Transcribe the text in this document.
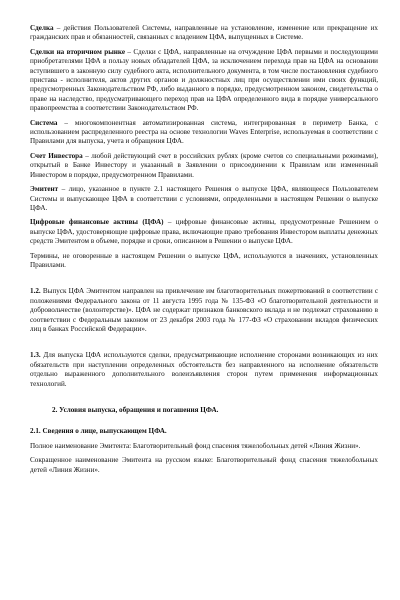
Сделка – действия Пользователей Системы, направленные на установление, изменение или прекращение их гражданских прав и обязанностей, связанных с владением ЦФА, выпущенных в Системе.

Сделки на вторичном рынке – Сделки с ЦФА, направленные на отчуждение ЦФА первыми и последующими приобретателями ЦФА в пользу новых обладателей ЦФА, за исключением перехода прав на ЦФА на основании вступившего в законную силу судебного акта, исполнительного документа, в том числе постановления судебного пристава - исполнителя, актов других органов и должностных лиц при осуществлении ими своих функций, предусмотренных Законодательством РФ, либо выданного в порядке, предусмотренном законом, свидетельства о праве на наследство, предусматривающего переход прав на ЦФА определенного вида в порядке универсального правопреемства в соответствии Законодательством РФ.

Система – многокомпонентная автоматизированная система, интегрированная в периметр Банка, с использованием распределенного реестра на основе технологии Waves Enterprise, используемая в соответствии с Правилами для выпуска, учета и обращения ЦФА.

Счет Инвестора – любой действующий счет в российских рублях (кроме счетов со специальными режимами), открытый в Банке Инвестору и указанный в Заявлении о присоединении к Правилам или измененный Инвестором в порядке, предусмотренном Правилами.

Эмитент – лицо, указанное в пункте 2.1 настоящего Решения о выпуске ЦФА, являющееся Пользователем Системы и выпускающее ЦФА в соответствии с условиями, определенными в настоящем Решении о выпуске ЦФА.

Цифровые финансовые активы (ЦФА) – цифровые финансовые активы, предусмотренные Решением о выпуске ЦФА, удостоверяющие цифровые права, включающие право требования Инвестором выплаты денежных средств Эмитентом в объеме, порядке и сроки, описанном в Решении о выпуске ЦФА.

Термины, не оговоренные в настоящем Решении о выпуске ЦФА, используются в значениях, установленных Правилами.

1.2. Выпуск ЦФА Эмитентом направлен на привлечение им благотворительных пожертвований в соответствии с положениями Федерального закона от 11 августа 1995 года № 135-ФЗ «О благотворительной деятельности и добровольчестве (волонтерстве)». ЦФА не содержат признаков банковского вклада и не подлежат страхованию в соответствии с Федеральным законом от 23 декабря 2003 года № 177-ФЗ «О страховании вкладов физических лиц в банках Российской Федерации».

1.3. Для выпуска ЦФА используются сделки, предусматривающие исполнение сторонами возникающих из них обязательств при наступлении определенных обстоятельств без направленного на исполнение обязательств отдельно выраженного дополнительного волеизъявления сторон путем применения информационных технологий.

2. Условия выпуска, обращения и погашения ЦФА.

2.1. Сведения о лице, выпускающем ЦФА.

Полное наименование Эмитента: Благотворительный фонд спасения тяжелобольных детей «Линия Жизни».

Сокращенное наименование Эмитента на русском языке: Благотворительный фонд спасения тяжелобольных детей «Линия Жизни».
